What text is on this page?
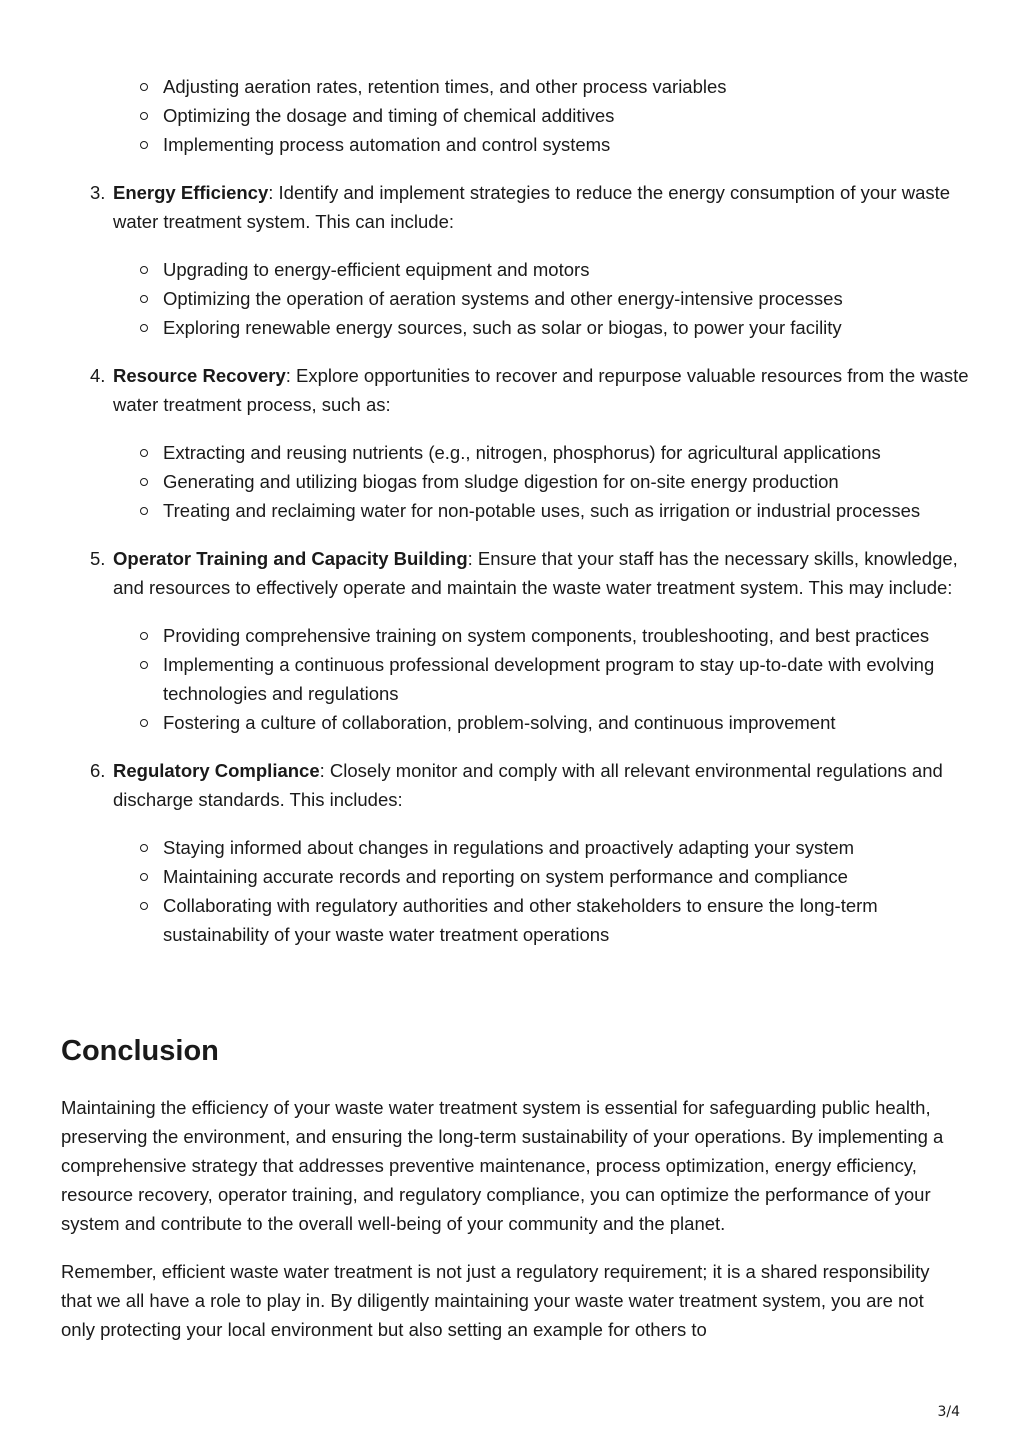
Adjusting aeration rates, retention times, and other process variables
Optimizing the dosage and timing of chemical additives
Implementing process automation and control systems
3. Energy Efficiency: Identify and implement strategies to reduce the energy consumption of your waste water treatment system. This can include:
Upgrading to energy-efficient equipment and motors
Optimizing the operation of aeration systems and other energy-intensive processes
Exploring renewable energy sources, such as solar or biogas, to power your facility
4. Resource Recovery: Explore opportunities to recover and repurpose valuable resources from the waste water treatment process, such as:
Extracting and reusing nutrients (e.g., nitrogen, phosphorus) for agricultural applications
Generating and utilizing biogas from sludge digestion for on-site energy production
Treating and reclaiming water for non-potable uses, such as irrigation or industrial processes
5. Operator Training and Capacity Building: Ensure that your staff has the necessary skills, knowledge, and resources to effectively operate and maintain the waste water treatment system. This may include:
Providing comprehensive training on system components, troubleshooting, and best practices
Implementing a continuous professional development program to stay up-to-date with evolving technologies and regulations
Fostering a culture of collaboration, problem-solving, and continuous improvement
6. Regulatory Compliance: Closely monitor and comply with all relevant environmental regulations and discharge standards. This includes:
Staying informed about changes in regulations and proactively adapting your system
Maintaining accurate records and reporting on system performance and compliance
Collaborating with regulatory authorities and other stakeholders to ensure the long-term sustainability of your waste water treatment operations
Conclusion

Maintaining the efficiency of your waste water treatment system is essential for safeguarding public health, preserving the environment, and ensuring the long-term sustainability of your operations. By implementing a comprehensive strategy that addresses preventive maintenance, process optimization, energy efficiency, resource recovery, operator training, and regulatory compliance, you can optimize the performance of your system and contribute to the overall well-being of your community and the planet.

Remember, efficient waste water treatment is not just a regulatory requirement; it is a shared responsibility that we all have a role to play in. By diligently maintaining your waste water treatment system, you are not only protecting your local environment but also setting an example for others to

3/4
